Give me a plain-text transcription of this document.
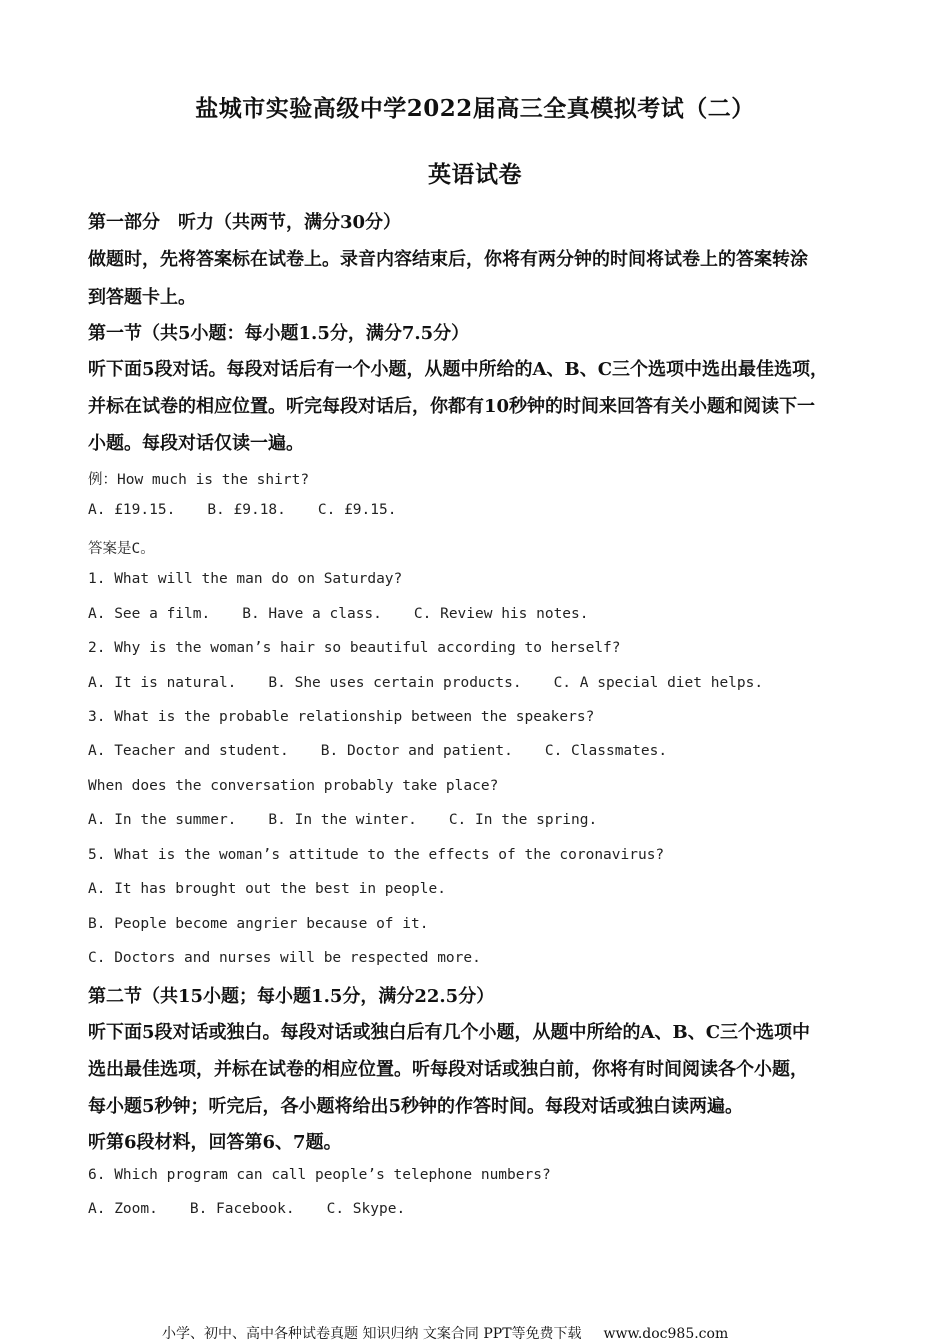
盐城市实验高级中学2022届高三全真模拟考试（二）
英语试卷
第一部分　听力（共两节，满分30分）
做题时，先将答案标在试卷上。录音内容结束后，你将有两分钟的时间将试卷上的答案转涂
到答题卡上。
第一节（共5小题：每小题1.5分，满分7.5分）
听下面5段对话。每段对话后有一个小题，从题中所给的A、B、C三个选项中选出最佳选项，
并标在试卷的相应位置。听完每段对话后，你都有10秒钟的时间来回答有关小题和阅读下一
小题。每段对话仅读一遍。
例：How much is the shirt?
A. £19.15. B. £9.18. C. £9.15.
答案是C。
1. What will the man do on Saturday?
A. See a film. B. Have a class. C. Review his notes.
2. Why is the woman’s hair so beautiful according to herself?
A. It is natural. B. She uses certain products. C. A special diet helps.
3. What is the probable relationship between the speakers?
A. Teacher and student. B. Doctor and patient. C. Classmates.
When does the conversation probably take place?
A. In the summer. B. In the winter. C. In the spring.
5. What is the woman’s attitude to the effects of the coronavirus?
A. It has brought out the best in people.
B. People become angrier because of it.
C. Doctors and nurses will be respected more.
第二节（共15小题；每小题1.5分，满分22.5分）
听下面5段对话或独白。每段对话或独白后有几个小题，从题中所给的A、B、C三个选项中
选出最佳选项，并标在试卷的相应位置。听每段对话或独白前，你将有时间阅读各个小题，
每小题5秒钟；听完后，各小题将给出5秒钟的作答时间。每段对话或独白读两遍。
听第6段材料，回答第6、7题。
6. Which program can call people’s telephone numbers?
A. Zoom. B. Facebook. C. Skype.
小学、初中、高中各种试卷真题 知识归纳 文案合同 PPT等免费下载 www.doc985.com
